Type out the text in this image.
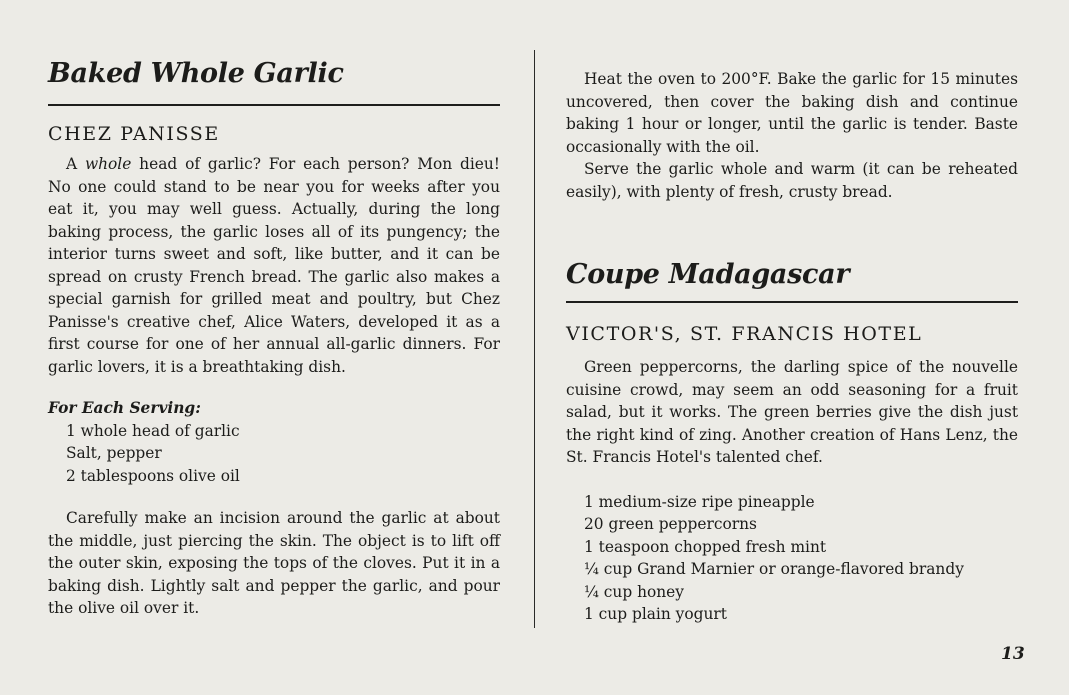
Baked Whole Garlic
CHEZ PANISSE

A whole head of garlic? For each person? Mon dieu! No one could stand to be near you for weeks after you eat it, you may well guess. Actually, during the long baking process, the garlic loses all of its pungency; the interior turns sweet and soft, like butter, and it can be spread on crusty French bread. The garlic also makes a special garnish for grilled meat and poultry, but Chez Panisse's creative chef, Alice Waters, developed it as a first course for one of her annual all-garlic dinners. For garlic lovers, it is a breathtaking dish.

For Each Serving:
1 whole head of garlic
Salt, pepper
2 tablespoons olive oil

Carefully make an incision around the garlic at about the middle, just piercing the skin. The object is to lift off the outer skin, exposing the tops of the cloves. Put it in a baking dish. Lightly salt and pepper the garlic, and pour the olive oil over it.

Heat the oven to 200°F. Bake the garlic for 15 minutes uncovered, then cover the baking dish and continue baking 1 hour or longer, until the garlic is tender. Baste occasionally with the oil.

Serve the garlic whole and warm (it can be reheated easily), with plenty of fresh, crusty bread.

Coupe Madagascar
VICTOR'S, ST. FRANCIS HOTEL

Green peppercorns, the darling spice of the nouvelle cuisine crowd, may seem an odd seasoning for a fruit salad, but it works. The green berries give the dish just the right kind of zing. Another creation of Hans Lenz, the St. Francis Hotel's talented chef.

1 medium-size ripe pineapple
20 green peppercorns
1 teaspoon chopped fresh mint
¼ cup Grand Marnier or orange-flavored brandy
¼ cup honey
1 cup plain yogurt
13
